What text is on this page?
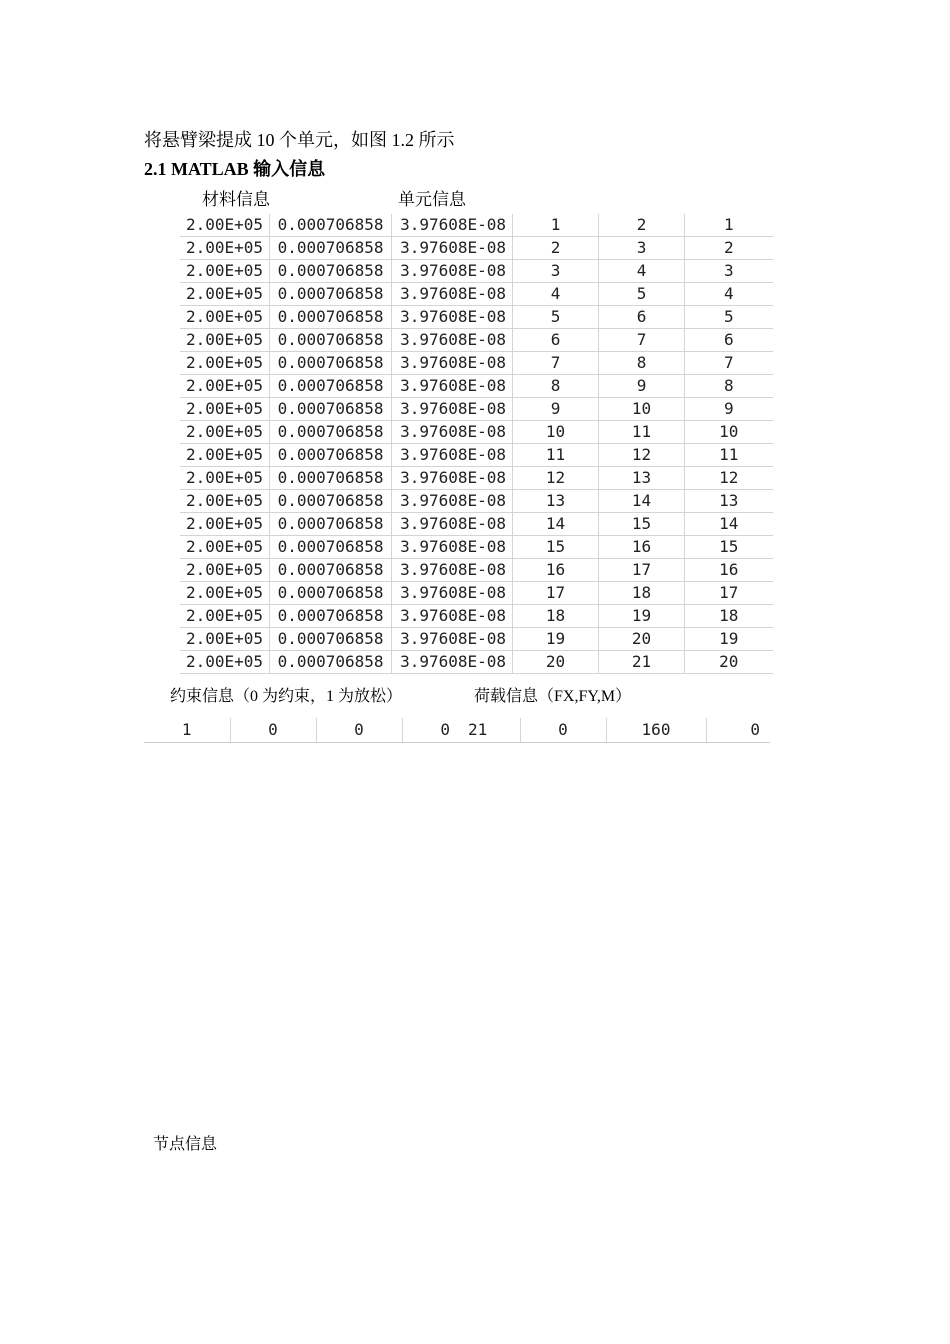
将悬臂梁提成 10 个单元，如图 1.2 所示
2.1 MATLAB 输入信息
材料信息	单元信息
2.00E+05	0.000706858	3.97608E-08	1	2	1
2.00E+05	0.000706858	3.97608E-08	2	3	2
2.00E+05	0.000706858	3.97608E-08	3	4	3
2.00E+05	0.000706858	3.97608E-08	4	5	4
2.00E+05	0.000706858	3.97608E-08	5	6	5
2.00E+05	0.000706858	3.97608E-08	6	7	6
2.00E+05	0.000706858	3.97608E-08	7	8	7
2.00E+05	0.000706858	3.97608E-08	8	9	8
2.00E+05	0.000706858	3.97608E-08	9	10	9
2.00E+05	0.000706858	3.97608E-08	10	11	10
2.00E+05	0.000706858	3.97608E-08	11	12	11
2.00E+05	0.000706858	3.97608E-08	12	13	12
2.00E+05	0.000706858	3.97608E-08	13	14	13
2.00E+05	0.000706858	3.97608E-08	14	15	14
2.00E+05	0.000706858	3.97608E-08	15	16	15
2.00E+05	0.000706858	3.97608E-08	16	17	16
2.00E+05	0.000706858	3.97608E-08	17	18	17
2.00E+05	0.000706858	3.97608E-08	18	19	18
2.00E+05	0.000706858	3.97608E-08	19	20	19
2.00E+05	0.000706858	3.97608E-08	20	21	20
约束信息（0 为约束，1 为放松）	荷载信息（FX,FY,M）
1	0	0	0 21	0	160	0
节点信息
